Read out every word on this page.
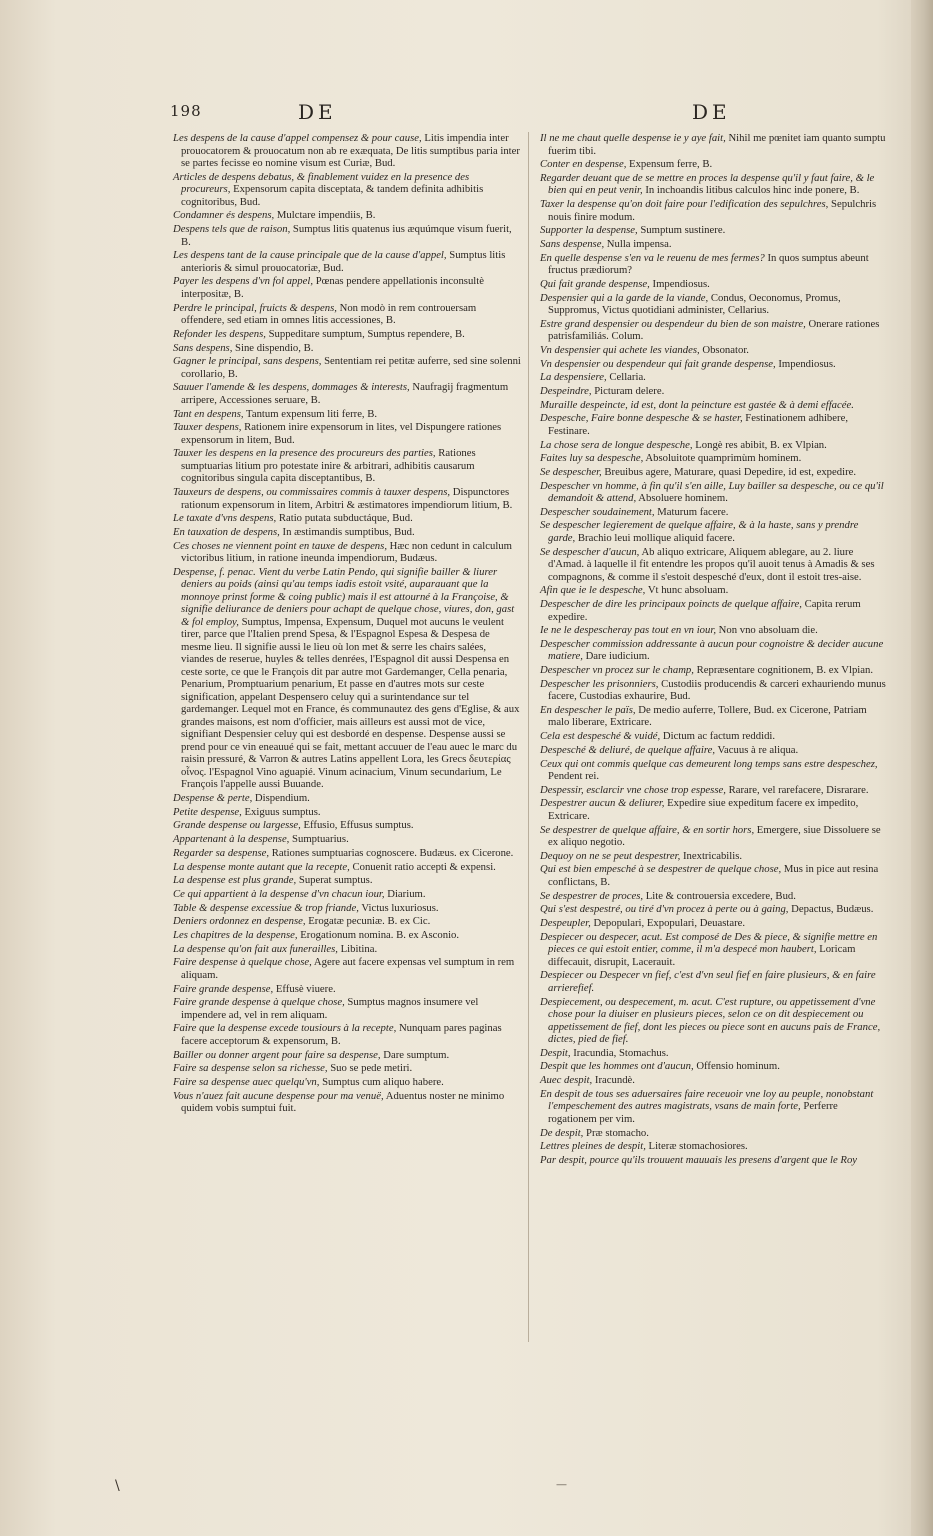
198	DE	DE
Les despens de la cause d'appel compensez & pour cause, Litis impendia inter prouocatorem & prouocatum non ab re exæquata, De litis sumptibus paria inter se partes fecisse eo nomine visum est Curiæ, Bud.
Articles de despens debatus, & finablement vuidez en la presence des procureurs, Expensorum capita disceptata, & tandem definita adhibitis cognitoribus, Bud.
Condamner és despens, Mulctare impendiis, B.
Despens tels que de raison, Sumptus litis quatenus ius æquúmque visum fuerit, B.
Les despens tant de la cause principale que de la cause d'appel, Sumptus litis anterioris & simul prouocatoriæ, Bud.
Payer les despens d'vn fol appel, Pœnas pendere appellationis inconsultè interpositæ, B.
Perdre le principal, fruicts & despens, Non modò in rem controuersam offendere, sed etiam in omnes litis accessiones, B.
Refonder les despens, Suppeditare sumptum, Sumptus rependere, B.
Sans despens, Sine dispendio, B.
Gagner le principal, sans despens, Sententiam rei petitæ auferre, sed sine solenni corollario, B.
Sauuer l'amende & les despens, dommages & interests, Naufragij fragmentum arripere, Accessiones seruare, B.
Tant en despens, Tantum expensum liti ferre, B.
Tauxer despens, Rationem inire expensorum in lites, vel Dispungere rationes expensorum in litem, Bud.
Tauxer les despens en la presence des procureurs des parties, Rationes sumptuarias litium pro potestate inire & arbitrari, adhibitis causarum cognitoribus singula capita disceptantibus, B.
Tauxeurs de despens, ou commissaires commis à tauxer despens, Dispunctores rationum expensorum in litem, Arbitri & æstimatores impendiorum litium, B.
Le taxate d'vns despens, Ratio putata subductáque, Bud.
En tauxation de despens, In æstimandis sumptibus, Bud.
Ces choses ne viennent point en tauxe de despens, Hæc non cedunt in calculum victoribus litium, in ratione ineunda impendiorum, Budæus.
Despense, f. penac. Vient du verbe Latin Pendo, qui signifie bailler & liurer deniers au poids (ainsi qu'au temps iadis estoit vsité, auparauant que la monnoye prinst forme & coing public) mais il est attourné à la Françoise, & signifie deliurance de deniers pour achapt de quelque chose, viures, don, gast & fol employ, Sumptus, Impensa, Expensum, Duquel mot aucuns le veulent tirer, parce que l'Italien prend Spesa, & l'Espagnol Espesa & Despesa de mesme lieu. Il signifie aussi le lieu où lon met & serre les chairs salées, viandes de reserue, huyles & telles denrées, l'Espagnol dit aussi Despensa en ceste sorte, ce que le François dit par autre mot Gardemanger, Cella penaria, Penarium, Promptuarium penarium, Et passe en d'autres mots sur ceste signification, appelant Despensero celuy qui a surintendance sur tel gardemanger. Lequel mot en France, és communautez des gens d'Eglise, & aux grandes maisons, est nom d'officier, mais ailleurs est aussi mot de vice, signifiant Despensier celuy qui est desbordé en despense. Despense aussi se prend pour ce vin eneauué qui se fait, mettant accuuer de l'eau auec le marc du raisin pressuré, & Varron & autres Latins appellent Lora, les Grecs δευτερίας οἶνος. l'Espagnol Vino aguapié. Vinum acinacium, Vinum secundarium, Le François l'appelle aussi Buuande.
Despense & perte, Dispendium.
Petite despense, Exiguus sumptus.
Grande despense ou largesse, Effusio, Effusus sumptus.
Appartenant à la despense, Sumptuarius.
Regarder sa despense, Rationes sumptuarias cognoscere. Budæus. ex Cicerone.
La despense monte autant que la recepte, Conuenit ratio accepti & expensi.
La despense est plus grande, Superat sumptus.
Ce qui appartient à la despense d'vn chacun iour, Diarium.
Table & despense excessiue & trop friande, Victus luxuriosus.
Deniers ordonnez en despense, Erogatæ pecuniæ. B. ex Cic.
Les chapitres de la despense, Erogationum nomina. B. ex Asconio.
La despense qu'on fait aux funerailles, Libitina.
Faire despense à quelque chose, Agere aut facere expensas vel sumptum in rem aliquam.
Faire grande despense, Effusè viuere.
Faire grande despense à quelque chose, Sumptus magnos insumere vel impendere ad, vel in rem aliquam.
Faire que la despense excede tousiours à la recepte, Nunquam pares paginas facere acceptorum & expensorum, B.
Bailler ou donner argent pour faire sa despense, Dare sumptum.
Faire sa despense selon sa richesse, Suo se pede metiri.
Faire sa despense auec quelqu'vn, Sumptus cum aliquo habere.
Vous n'auez fait aucune despense pour ma venuë, Aduentus noster ne minimo quidem vobis sumptui fuit.
Il ne me chaut quelle despense ie y aye fait, Nihil me pœnitet iam quanto sumptu fuerim tibi.
Conter en despense, Expensum ferre, B.
Regarder deuant que de se mettre en proces la despense qu'il y faut faire, & le bien qui en peut venir, In inchoandis litibus calculos hinc inde ponere, B.
Taxer la despense qu'on doit faire pour l'edification des sepulchres, Sepulchris nouis finire modum.
Supporter la despense, Sumptum sustinere.
Sans despense, Nulla impensa.
En quelle despense s'en va le reuenu de mes fermes? In quos sumptus abeunt fructus prædiorum?
Qui fait grande despense, Impendiosus.
Despensier qui a la garde de la viande, Condus, Oeconomus, Promus, Suppromus, Victus quotidiani administer, Cellarius.
Estre grand despensier ou despendeur du bien de son maistre, Onerare rationes patrisfamiliás. Colum.
Vn despensier qui achete les viandes, Obsonator.
Vn despensier ou despendeur qui fait grande despense, Impendiosus.
La despensiere, Cellaria.
Despeindre, Picturam delere.
Muraille despeincte, id est, dont la peincture est gastée & à demi effacée.
Despesche, Faire bonne despesche & se haster, Festinationem adhibere, Festinare.
La chose sera de longue despesche, Longè res abibit, B. ex Vlpian.
Faites luy sa despesche, Absoluitote quamprimùm hominem.
Se despescher, Breuibus agere, Maturare, quasi Depedire, id est, expedire.
Despescher vn homme, à fin qu'il s'en aille, Luy bailler sa despesche, ou ce qu'il demandoit & attend, Absoluere hominem.
Despescher soudainement, Maturum facere.
Se despescher legierement de quelque affaire, & à la haste, sans y prendre garde, Brachio leui mollique aliquid facere.
Se despescher d'aucun, Ab aliquo extricare, Aliquem ablegare, au 2. liure d'Amad. à laquelle il fit entendre les propos qu'il auoit tenus à Amadis & ses compagnons, & comme il s'estoit despesché d'eux, dont il estoit tres-aise.
Afin que ie le despesche, Vt hunc absoluam.
Despescher de dire les principaux poincts de quelque affaire, Capita rerum expedire.
Ie ne le despescheray pas tout en vn iour, Non vno absoluam die.
Despescher commission addressante à aucun pour cognoistre & decider aucune matiere, Dare iudicium.
Despescher vn procez sur le champ, Repræsentare cognitionem, B. ex Vlpian.
Despescher les prisonniers, Custodiis producendis & carceri exhauriendo munus facere, Custodias exhaurire, Bud.
En despescher le païs, De medio auferre, Tollere, Bud. ex Cicerone, Patriam malo liberare, Extricare.
Cela est despesché & vuidé, Dictum ac factum reddidi.
Despesché & deliuré, de quelque affaire, Vacuus à re aliqua.
Ceux qui ont commis quelque cas demeurent long temps sans estre despeschez, Pendent rei.
Despessir, esclarcir vne chose trop espesse, Rarare, vel rarefacere, Disrarare.
Despestrer aucun & deliurer, Expedire siue expeditum facere ex impedito, Extricare.
Se despestrer de quelque affaire, & en sortir hors, Emergere, siue Dissoluere se ex aliquo negotio.
Dequoy on ne se peut despestrer, Inextricabilis.
Qui est bien empesché à se despestrer de quelque chose, Mus in pice aut resina conflictans, B.
Se despestrer de proces, Lite & controuersia excedere, Bud.
Qui s'est despestré, ou tiré d'vn procez à perte ou à gaing, Depactus, Budæus.
Despeupler, Depopulari, Expopulari, Deuastare.
Despiecer ou despecer, acut. Est composé de Des & piece, & signifie mettre en pieces ce qui estoit entier, comme, il m'a despecé mon haubert, Loricam diffecauit, disrupit, Lacerauit.
Despiecer ou Despecer vn fief, c'est d'vn seul fief en faire plusieurs, & en faire arrierefief.
Despiecement, ou despecement, m. acut. C'est rupture, ou appetissement d'vne chose pour la diuiser en plusieurs pieces, selon ce on dit despiecement ou appetissement de fief, dont les pieces ou piece sont en aucuns pais de France, dictes, pied de fief.
Despit, Iracundia, Stomachus.
Despit que les hommes ont d'aucun, Offensio hominum.
Auec despit, Iracundè.
En despit de tous ses aduersaires faire receuoir vne loy au peuple, nonobstant l'empeschement des autres magistrats, vsans de main forte, Perferre rogationem per vim.
De despit, Præ stomacho.
Lettres pleines de despit, Literæ stomachosiores.
Par despit, pource qu'ils trouuent mauuais les presens d'argent que le Roy
\	—
